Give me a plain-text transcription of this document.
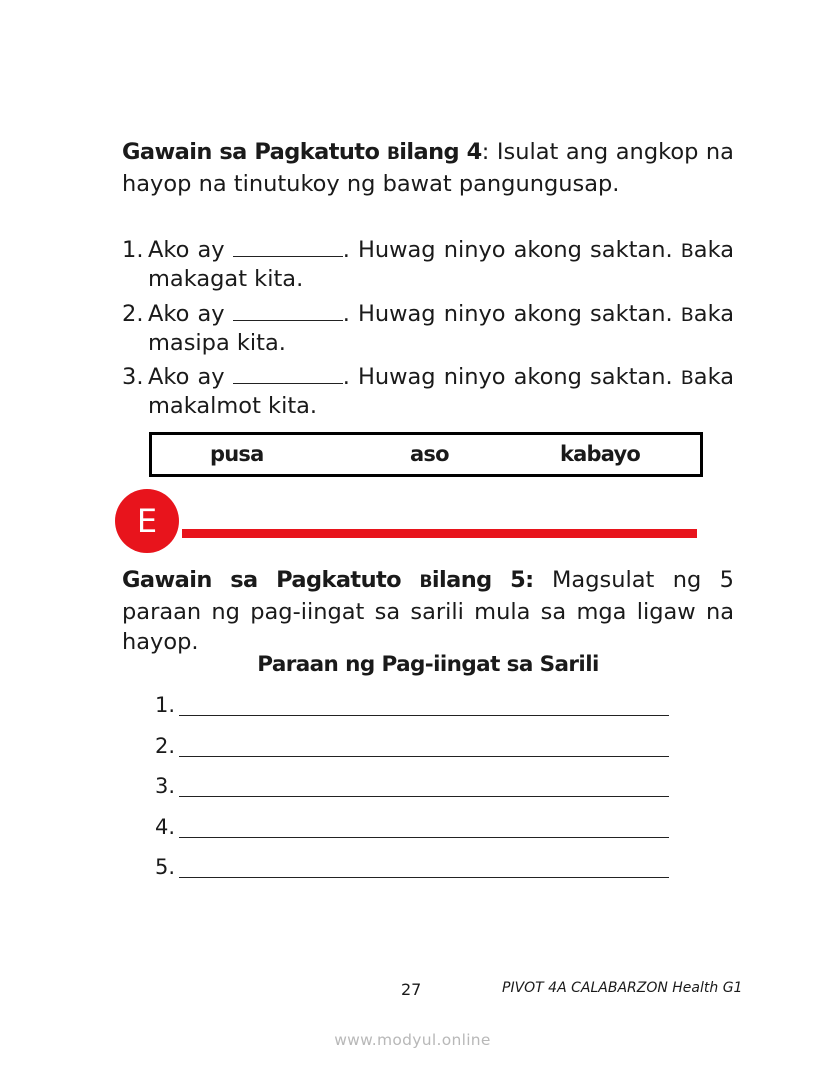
Gawain sa Pagkatuto Bilang 4: Isulat ang angkop na hayop na tinutukoy ng bawat pangungusap.
1. Ako ay	. Huwag ninyo akong saktan. Baka makagat kita.
2. Ako ay	. Huwag ninyo akong saktan. Baka masipa kita.
3. Ako ay	. Huwag ninyo akong saktan. Baka makalmot kita.
pusa	aso	kabayo
E
Gawain sa Pagkatuto Bilang 5: Magsulat ng 5 paraan ng pag-iingat sa sarili mula sa mga ligaw na hayop.
Paraan ng Pag-iingat sa Sarili
1.
2.
3.
4.
5.
27	PIVOT 4A CALABARZON Health G1
www.modyul.online
